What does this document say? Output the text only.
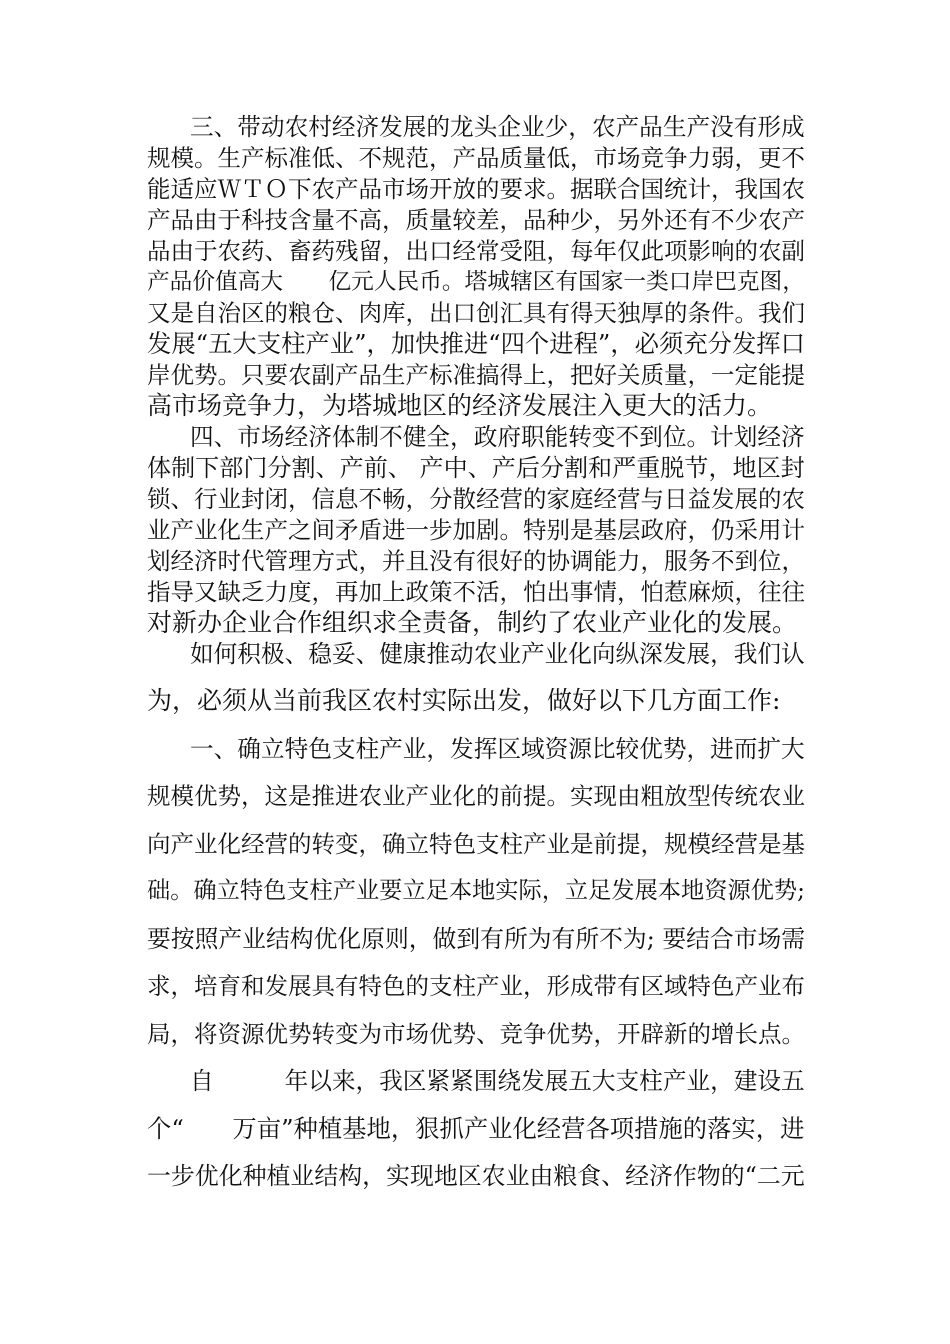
三、带动农村经济发展的龙头企业少，农产品生产没有形成
规模。生产标准低、不规范，产品质量低，市场竞争力弱，更不
能适应ＷＴＯ下农产品市场开放的要求。据联合国统计，我国农
产品由于科技含量不高，质量较差，品种少，另外还有不少农产
品由于农药、畜药残留，出口经常受阻，每年仅此项影响的农副
产品价值高大　　亿元人民币。塔城辖区有国家一类口岸巴克图，
又是自治区的粮仓、肉库，出口创汇具有得天独厚的条件。我们
发展“五大支柱产业”，加快推进“四个进程”，必须充分发挥口
岸优势。只要农副产品生产标准搞得上，把好关质量，一定能提
高市场竞争力，为塔城地区的经济发展注入更大的活力。
四、市场经济体制不健全，政府职能转变不到位。计划经济
体制下部门分割、产前、 产中、产后分割和严重脱节，地区封
锁、行业封闭，信息不畅，分散经营的家庭经营与日益发展的农
业产业化生产之间矛盾进一步加剧。特别是基层政府，仍采用计
划经济时代管理方式，并且没有很好的协调能力，服务不到位，
指导又缺乏力度，再加上政策不活，怕出事情，怕惹麻烦，往往
对新办企业合作组织求全责备，制约了农业产业化的发展。
如何积极、稳妥、健康推动农业产业化向纵深发展，我们认
为，必须从当前我区农村实际出发，做好以下几方面工作:
一、确立特色支柱产业，发挥区域资源比较优势，进而扩大
规模优势，这是推进农业产业化的前提。实现由粗放型传统农业
向产业化经营的转变，确立特色支柱产业是前提，规模经营是基
础。确立特色支柱产业要立足本地实际，立足发展本地资源优势;
要按照产业结构优化原则，做到有所为有所不为; 要结合市场需
求，培育和发展具有特色的支柱产业，形成带有区域特色产业布
局，将资源优势转变为市场优势、竞争优势，开辟新的增长点。
自　　　年以来，我区紧紧围绕发展五大支柱产业，建设五
个“　　万亩”种植基地，狠抓产业化经营各项措施的落实，进
一步优化种植业结构，实现地区农业由粮食、经济作物的“二元
